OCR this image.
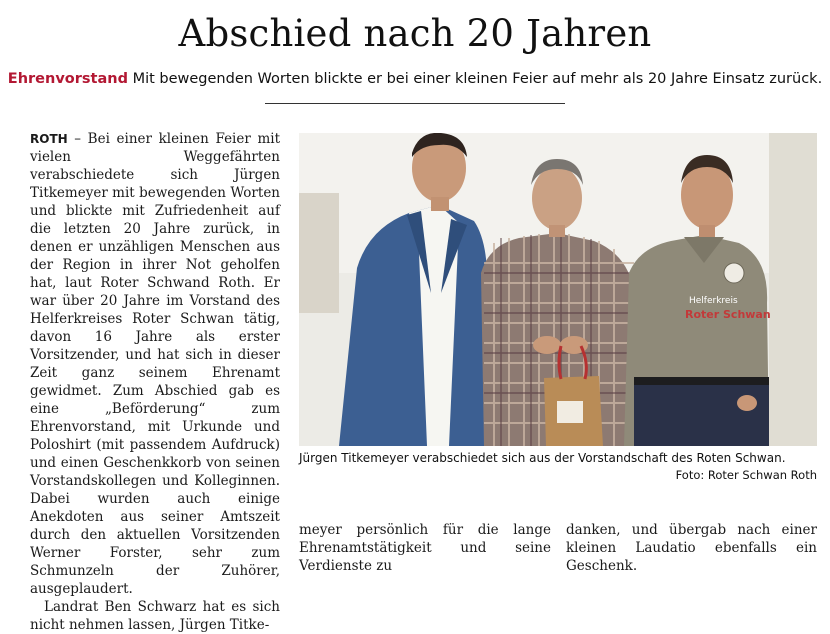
Abschied nach 20 Jahren

Ehrenvorstand Mit bewegenden Worten blickte er bei einer kleinen Feier auf mehr als 20 Jahre Einsatz zurück.

ROTH – Bei einer kleinen Feier mit vielen Weggefährten verabschiedete sich Jürgen Titkemeyer mit bewegenden Worten und blickte mit Zufriedenheit auf die letzten 20 Jahre zurück, in denen er unzähligen Menschen aus der Region in ihrer Not geholfen hat, laut Roter Schwand Roth. Er war über 20 Jahre im Vorstand des Helferkreises Roter Schwan tätig, davon 16 Jahre als erster Vorsitzender, und hat sich in dieser Zeit ganz seinem Ehrenamt gewidmet. Zum Abschied gab es eine „Beförderung“ zum Ehrenvorstand, mit Urkunde und Poloshirt (mit passendem Aufdruck) und einen Geschenkkorb von seinen Vorstandskollegen und Kolleginnen. Dabei wurden auch einige Anekdoten aus seiner Amtszeit durch den aktuellen Vorsitzenden Werner Forster, sehr zum Schmunzeln der Zuhörer, ausgeplaudert.

Landrat Ben Schwarz hat es sich nicht nehmen lassen, Jürgen Titke-

Helferkreis
Roter Schwan

Jürgen Titkemeyer verabschiedet sich aus der Vorstandschaft des Roten Schwan.

Foto: Roter Schwan Roth

meyer persönlich für die lange Ehrenamtstätigkeit und seine Verdienste zu

danken, und übergab nach einer kleinen Laudatio ebenfalls ein Geschenk.
